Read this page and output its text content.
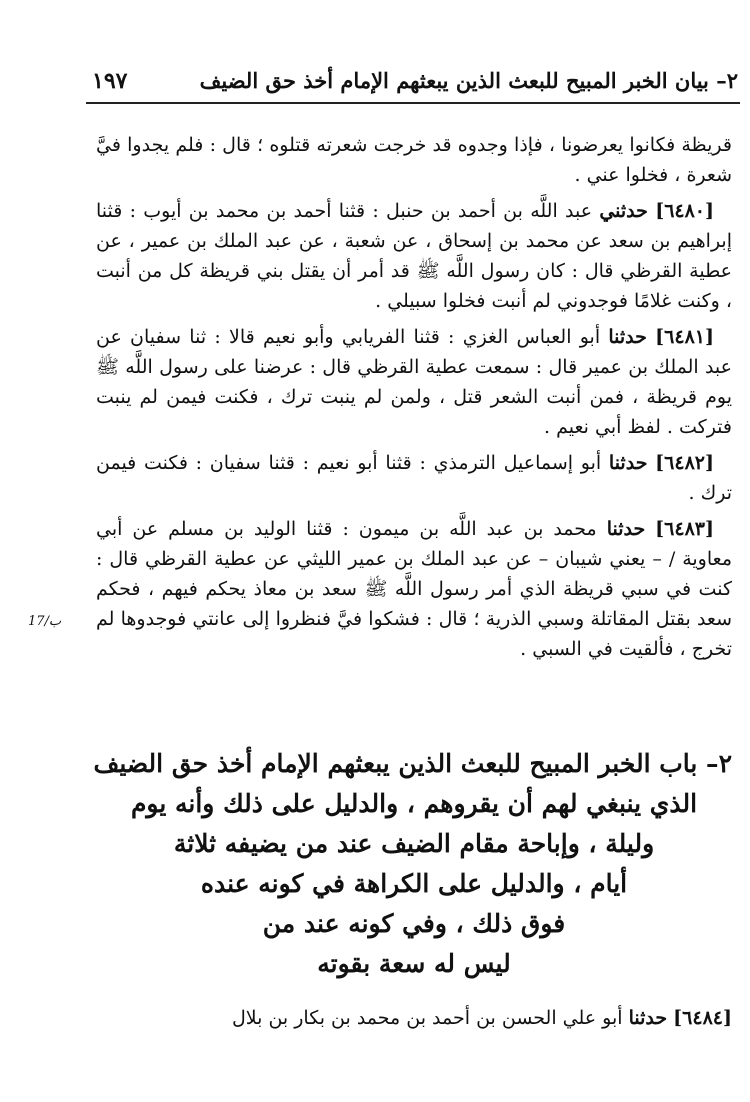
٢– بيان الخبر المبيح للبعث الذين يبعثهم الإمام أخذ حق الضيف
١٩٧

قريظة فكانوا يعرضونا ، فإذا وجدوه قد خرجت شعرته قتلوه ؛ قال : فلم يجدوا فيَّ شعرة ، فخلوا عني .

[٦٤٨٠] حدثني عبد اللَّه بن أحمد بن حنبل : قثنا أحمد بن محمد بن أيوب : قثنا إبراهيم بن سعد عن محمد بن إسحاق ، عن شعبة ، عن عبد الملك بن عمير ، عن عطية القرظي قال : كان رسول اللَّه ﷺ قد أمر أن يقتل بني قريظة كل من أنبت ، وكنت غلامًا فوجدوني لم أنبت فخلوا سبيلي .

[٦٤٨١] حدثنا أبو العباس الغزي : قثنا الفريابي وأبو نعيم قالا : ثنا سفيان عن عبد الملك بن عمير قال : سمعت عطية القرظي قال : عرضنا على رسول اللَّه ﷺ يوم قريظة ، فمن أنبت الشعر قتل ، ولمن لم ينبت ترك ، فكنت فيمن لم ينبت فتركت . لفظ أبي نعيم .

[٦٤٨٢] حدثنا أبو إسماعيل الترمذي : قثنا أبو نعيم : قثنا سفيان : فكنت فيمن ترك .

[٦٤٨٣] حدثنا محمد بن عبد اللَّه بن ميمون : قثنا الوليد بن مسلم عن أبي معاوية / – يعني شيبان – عن عبد الملك بن عمير الليثي عن عطية القرظي قال : كنت في سبي قريظة الذي أمر رسول اللَّه ﷺ سعد بن معاذ يحكم فيهم ، فحكم سعد بقتل المقاتلة وسبي الذرية ؛ قال : فشكوا فيَّ فنظروا إلى عانتي فوجدوها لم تخرج ، فألقيت في السبي .

17/ب
٢– باب الخبر المبيح للبعث الذين يبعثهم الإمام أخذ حق الضيف
الذي ينبغي لهم أن يقروهم ، والدليل على ذلك وأنه يوم
وليلة ، وإباحة مقام الضيف عند من يضيفه ثلاثة
أيام ، والدليل على الكراهة في كونه عنده
فوق ذلك ، وفي كونه عند من
ليس له سعة بقوته
[٦٤٨٤] حدثنا أبو علي الحسن بن أحمد بن محمد بن بكار بن بلال
